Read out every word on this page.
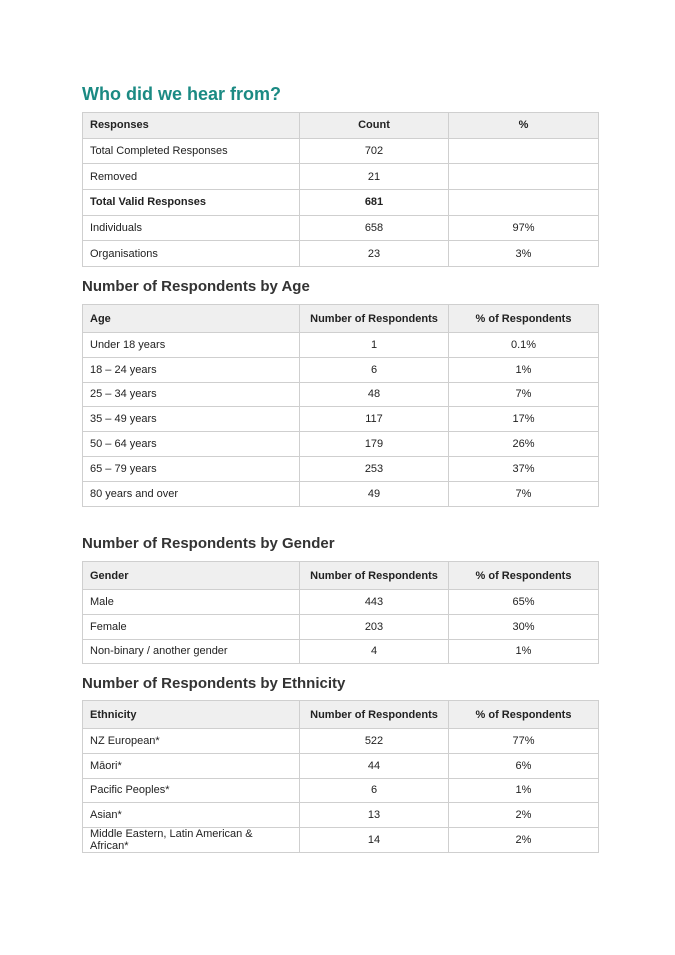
Who did we hear from?
Responses	Count	%
Total Completed Responses	702	
Removed	21	
Total Valid Responses	681	
Individuals	658	97%
Organisations	23	3%
Number of Respondents by Age
Age	Number of Respondents	% of Respondents
Under 18 years	1	0.1%
18 – 24 years	6	1%
25 – 34 years	48	7%
35 – 49 years	117	17%
50 – 64 years	179	26%
65 – 79 years	253	37%
80 years and over	49	7%
Number of Respondents by Gender
Gender	Number of Respondents	% of Respondents
Male	443	65%
Female	203	30%
Non-binary / another gender	4	1%
Number of Respondents by Ethnicity
Ethnicity	Number of Respondents	% of Respondents
NZ European*	522	77%
Māori*	44	6%
Pacific Peoples*	6	1%
Asian*	13	2%
Middle Eastern, Latin American & African*	14	2%
